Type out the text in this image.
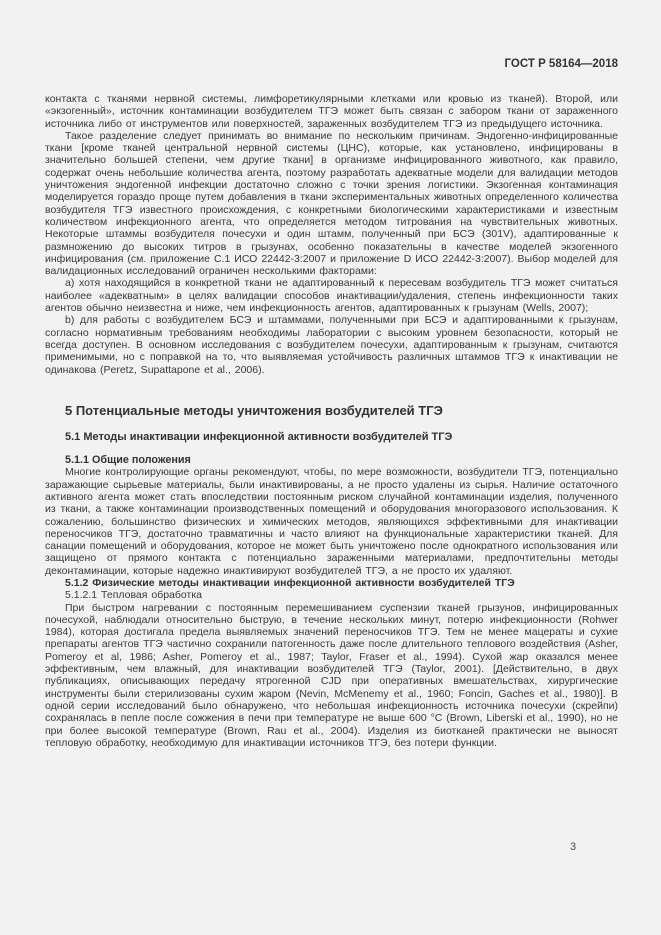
ГОСТ Р 58164—2018

контакта с тканями нервной системы, лимфоретикулярными клетками или кровью из тканей). Второй, или «экзогенный», источник контаминации возбудителем ТГЭ может быть связан с забором ткани от зараженного источника либо от инструментов или поверхностей, зараженных возбудителем ТГЭ из предыдущего источника.

Такое разделение следует принимать во внимание по нескольким причинам. Эндогенно-инфицированные ткани [кроме тканей центральной нервной системы (ЦНС), которые, как установлено, инфицированы в значительно большей степени, чем другие ткани] в организме инфицированного животного, как правило, содержат очень небольшие количества агента, поэтому разработать адекватные модели для валидации методов уничтожения эндогенной инфекции достаточно сложно с точки зрения логистики. Экзогенная контаминация моделируется гораздо проще путем добавления в ткани экспериментальных животных определенного количества возбудителя ТГЭ известного происхождения, с конкретными биологическими характеристиками и известным количеством инфекционного агента, что определяется методом титрования на чувствительных животных. Некоторые штаммы возбудителя почесухи и один штамм, полученный при БСЭ (301V), адаптированные к размножению до высоких титров в грызунах, особенно показательны в качестве моделей экзогенного инфицирования (см. приложение С.1 ИСО 22442-3:2007 и приложение D ИСО 22442-3:2007). Выбор моделей для валидационных исследований ограничен несколькими факторами:

а) хотя находящийся в конкретной ткани не адаптированный к пересевам возбудитель ТГЭ может считаться наиболее «адекватным» в целях валидации способов инактивации/удаления, степень инфекционности таких агентов обычно неизвестна и ниже, чем инфекционность агентов, адаптированных к грызунам (Wells, 2007);

b) для работы с возбудителем БСЭ и штаммами, полученными при БСЭ и адаптированными к грызунам, согласно нормативным требованиям необходимы лаборатории с высоким уровнем безопасности, который не всегда доступен. В основном исследования с возбудителем почесухи, адаптированным к грызунам, считаются применимыми, но с поправкой на то, что выявляемая устойчивость различных штаммов ТГЭ к инактивации не одинакова (Peretz, Supattapone et al., 2006).

5 Потенциальные методы уничтожения возбудителей ТГЭ
5.1 Методы инактивации инфекционной активности возбудителей ТГЭ
5.1.1 Общие положения

Многие контролирующие органы рекомендуют, чтобы, по мере возможности, возбудители ТГЭ, потенциально заражающие сырьевые материалы, были инактивированы, а не просто удалены из сырья. Наличие остаточного активного агента может стать впоследствии постоянным риском случайной контаминации изделия, полученного из ткани, а также контаминации производственных помещений и оборудования многоразового использования. К сожалению, большинство физических и химических методов, являющихся эффективными для инактивации переносчиков ТГЭ, достаточно травматичны и часто влияют на функциональные характеристики тканей. Для санации помещений и оборудования, которое не может быть уничтожено после однократного использования или защищено от прямого контакта с потенциально зараженными материалами, предпочтительны методы деконтаминации, которые надежно инактивируют возбудителей ТГЭ, а не просто их удаляют.

5.1.2 Физические методы инактивации инфекционной активности возбудителей ТГЭ

5.1.2.1 Тепловая обработка

При быстром нагревании с постоянным перемешиванием суспензии тканей грызунов, инфицированных почесухой, наблюдали относительно быструю, в течение нескольких минут, потерю инфекционности (Rohwer 1984), которая достигала предела выявляемых значений переносчиков ТГЭ. Тем не менее мацераты и сухие препараты агентов ТГЭ частично сохранили патогенность даже после длительного теплового воздействия (Asher, Pomeroy et al, 1986; Asher, Pomeroy et al., 1987; Taylor, Fraser et al., 1994). Сухой жар оказался менее эффективным, чем влажный, для инактивации возбудителей ТГЭ (Taylor, 2001). [Действительно, в двух публикациях, описывающих передачу ятрогенной CJD при оперативных вмешательствах, хирургические инструменты были стерилизованы сухим жаром (Nevin, McMenemy et al., 1960; Foncin, Gaches et al., 1980)]. В одной серии исследований было обнаружено, что небольшая инфекционность источника почесухи (скрейпи) сохранялась в пепле после сожжения в печи при температуре не выше 600 °С (Brown, Liberski et al., 1990), но не при более высокой температуре (Brown, Rau et al., 2004). Изделия из биотканей практически не выносят тепловую обработку, необходимую для инактивации источников ТГЭ, без потери функции.

3
